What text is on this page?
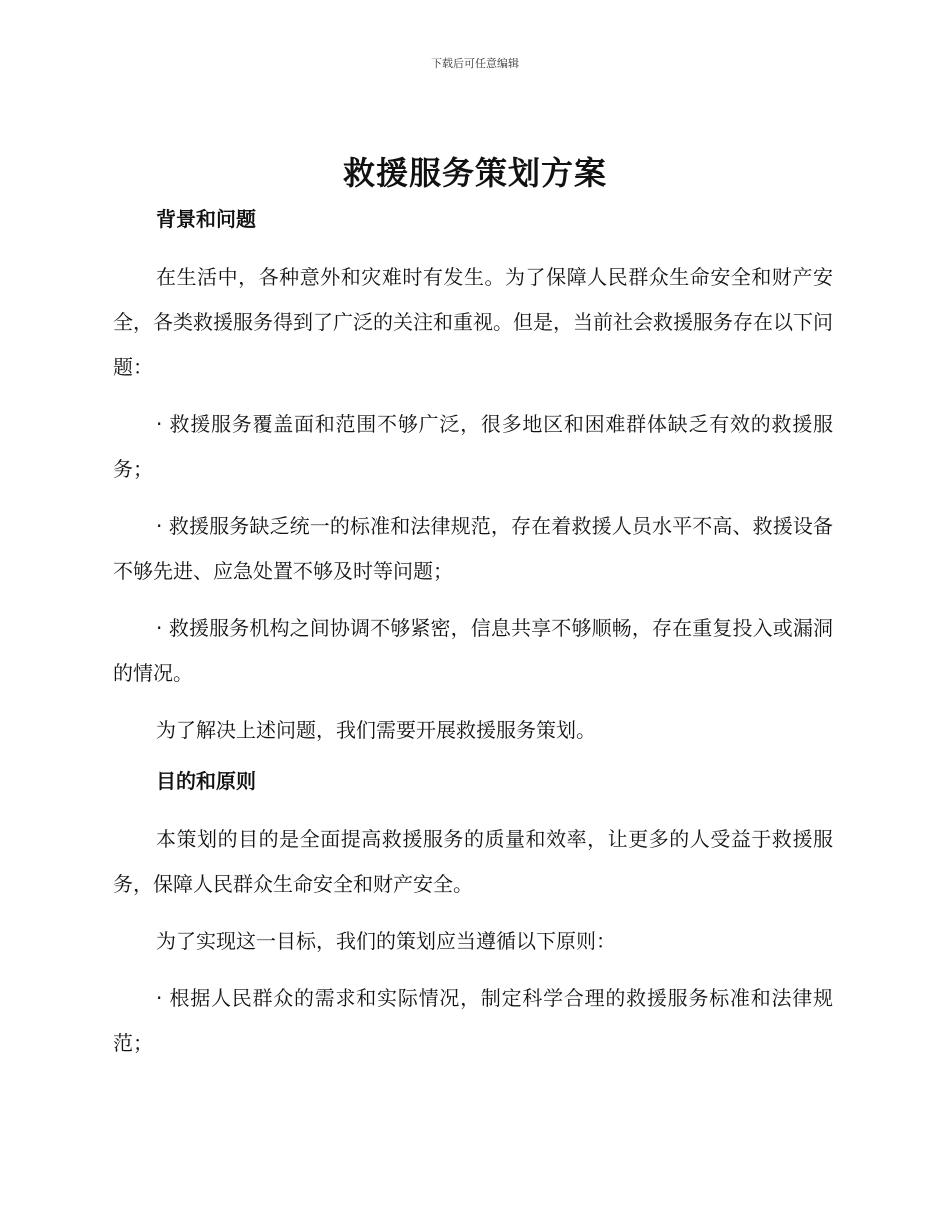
下载后可任意编辑
救援服务策划方案
背景和问题

在生活中，各种意外和灾难时有发生。为了保障人民群众生命安全和财产安全，各类救援服务得到了广泛的关注和重视。但是，当前社会救援服务存在以下问题：

· 救援服务覆盖面和范围不够广泛，很多地区和困难群体缺乏有效的救援服务；

· 救援服务缺乏统一的标准和法律规范，存在着救援人员水平不高、救援设备不够先进、应急处置不够及时等问题；

· 救援服务机构之间协调不够紧密，信息共享不够顺畅，存在重复投入或漏洞的情况。

为了解决上述问题，我们需要开展救援服务策划。

目的和原则

本策划的目的是全面提高救援服务的质量和效率，让更多的人受益于救援服务，保障人民群众生命安全和财产安全。

为了实现这一目标，我们的策划应当遵循以下原则：

· 根据人民群众的需求和实际情况，制定科学合理的救援服务标准和法律规范；
